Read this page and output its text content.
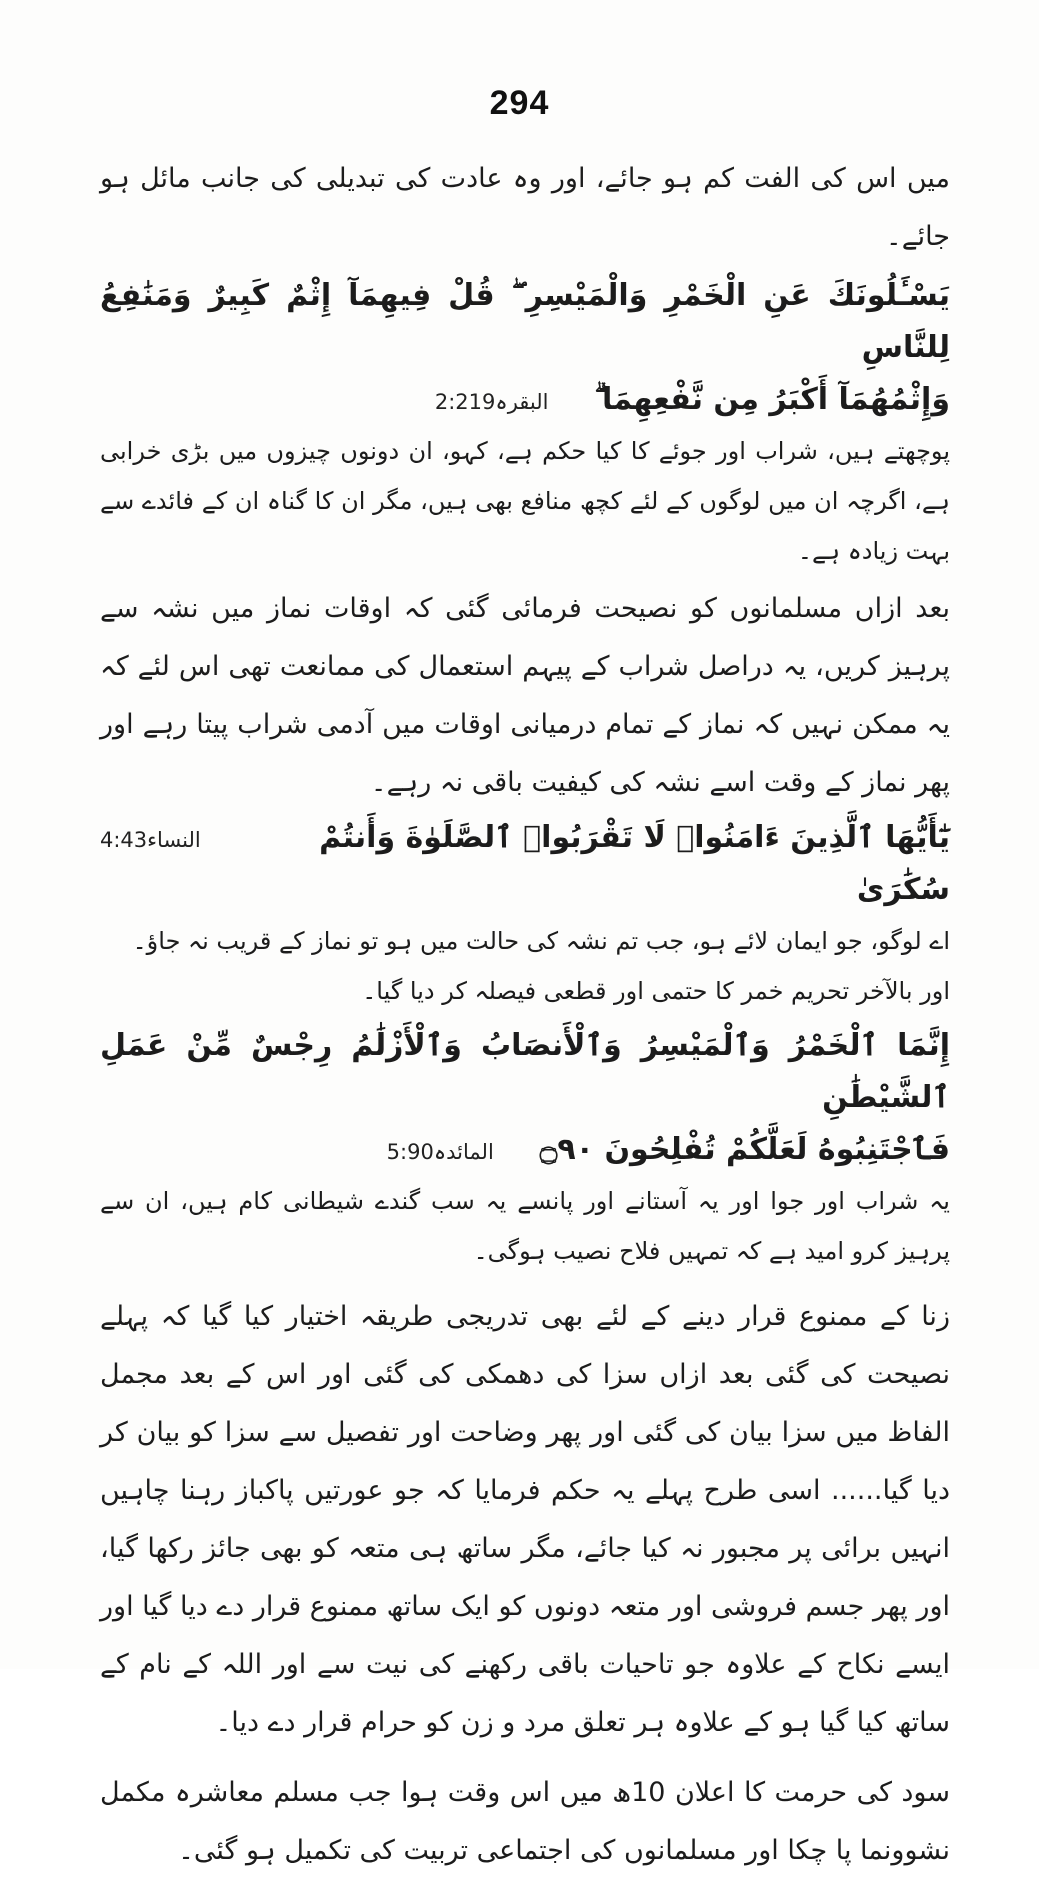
294

میں اس کی الفت کم ہو جائے، اور وہ عادت کی تبدیلی کی جانب مائل ہو جائے۔

يَسْـَٔلُونَكَ عَنِ الْخَمْرِ وَالْمَيْسِرِ ۖ قُلْ فِيهِمَآ إِثْمٌ كَبِيرٌ وَمَنَٰفِعُ لِلنَّاسِ

وَإِثْمُهُمَآ أَكْبَرُ مِن نَّفْعِهِمَا ۗ
البقرہ2:219

پوچھتے ہیں، شراب اور جوئے کا کیا حکم ہے، کہو، ان دونوں چیزوں میں بڑی خرابی ہے، اگرچہ ان میں لوگوں کے لئے کچھ منافع بھی ہیں، مگر ان کا گناہ ان کے فائدے سے بہت زیادہ ہے۔

بعد ازاں مسلمانوں کو نصیحت فرمائی گئی کہ اوقات نماز میں نشہ سے پرہیز کریں، یہ دراصل شراب کے پیہم استعمال کی ممانعت تھی اس لئے کہ یہ ممکن نہیں کہ نماز کے تمام درمیانی اوقات میں آدمی شراب پیتا رہے اور پھر نماز کے وقت اسے نشہ کی کیفیت باقی نہ رہے۔

يَٰٓأَيُّهَا ٱلَّذِينَ ءَامَنُوا۟ لَا تَقْرَبُوا۟ ٱلصَّلَوٰةَ وَأَنتُمْ سُكَٰرَىٰ
النساء4:43

اے لوگو، جو ایمان لائے ہو، جب تم نشہ کی حالت میں ہو تو نماز کے قریب نہ جاؤ۔

اور بالآخر تحریم خمر کا حتمی اور قطعی فیصلہ کر دیا گیا۔

إِنَّمَا ٱلْخَمْرُ وَٱلْمَيْسِرُ وَٱلْأَنصَابُ وَٱلْأَزْلَٰمُ رِجْسٌ مِّنْ عَمَلِ ٱلشَّيْطَٰنِ

فَٱجْتَنِبُوهُ لَعَلَّكُمْ تُفْلِحُونَ ۝٩٠
المائدہ5:90

یہ شراب اور جوا اور یہ آستانے اور پانسے یہ سب گندے شیطانی کام ہیں، ان سے پرہیز کرو امید ہے کہ تمہیں فلاح نصیب ہوگی۔

زنا کے ممنوع قرار دینے کے لئے بھی تدریجی طریقہ اختیار کیا گیا کہ پہلے نصیحت کی گئی بعد ازاں سزا کی دھمکی کی گئی اور اس کے بعد مجمل الفاظ میں سزا بیان کی گئی اور پھر وضاحت اور تفصیل سے سزا کو بیان کر دیا گیا...... اسی طرح پہلے یہ حکم فرمایا کہ جو عورتیں پاکباز رہنا چاہیں انہیں برائی پر مجبور نہ کیا جائے، مگر ساتھ ہی متعہ کو بھی جائز رکھا گیا، اور پھر جسم فروشی اور متعہ دونوں کو ایک ساتھ ممنوع قرار دے دیا گیا اور ایسے نکاح کے علاوہ جو تاحیات باقی رکھنے کی نیت سے اور اللہ کے نام کے ساتھ کیا گیا ہو کے علاوہ ہر تعلق مرد و زن کو حرام قرار دے دیا۔

سود کی حرمت کا اعلان 10ھ میں اس وقت ہوا جب مسلم معاشرہ مکمل نشوونما پا چکا اور مسلمانوں کی اجتماعی تربیت کی تکمیل ہو گئی۔
